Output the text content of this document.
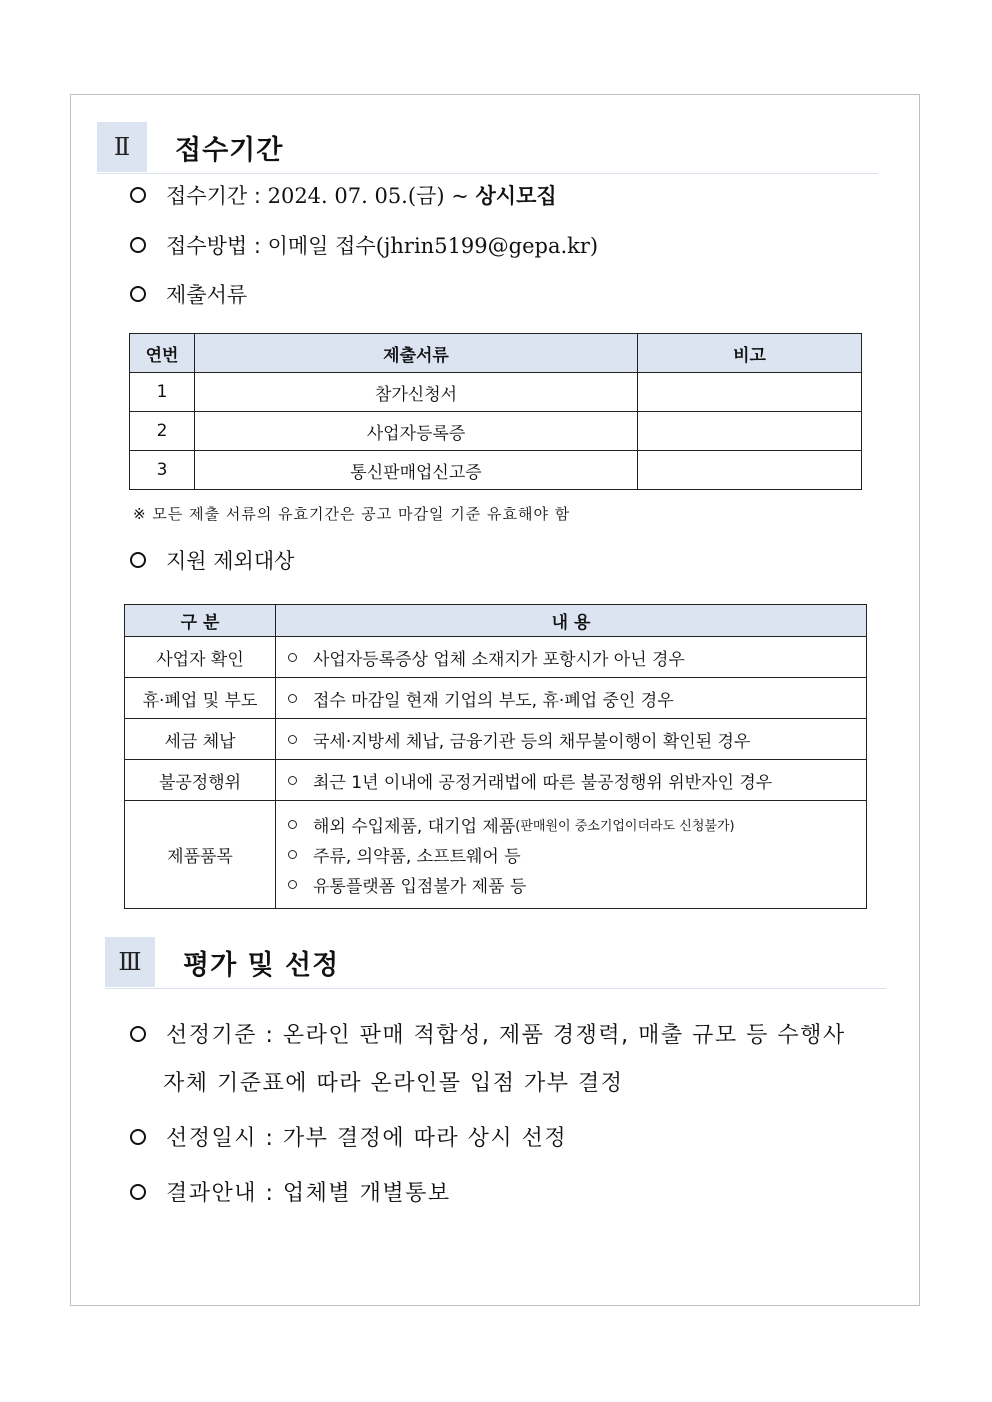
Ⅱ	접수기간
접수기간 :
2024. 07. 05.(금) ~
상시모집
접수방법 :
이메일 접수(jhrin5199@gepa.kr)
제출서류
연번	제출서류	비고
1	참가신청서	
2	사업자등록증	
3	통신판매업신고증	
※ 모든 제출 서류의 유효기간은 공고 마감일 기준 유효해야 함
지원 제외대상
구 분	내 용
사업자 확인	사업자등록증상 업체 소재지가 포항시가 아닌 경우

휴·폐업 및 부도	접수 마감일 현재 기업의 부도, 휴·폐업 중인 경우

세금 체납	국세·지방세 체납, 금융기관 등의 채무불이행이 확인된 경우

불공정행위	최근 1년 이내에 공정거래법에 따른 불공정행위 위반자인 경우

제품품목	해외 수입제품, 대기업 제품 (판매원이 중소기업이더라도 신청불가)
주류, 의약품, 소프트웨어 등
유통플랫폼 입점불가 제품 등
Ⅲ	평가 및 선정
선정기준 : 온라인 판매 적합성, 제품 경쟁력, 매출 규모 등 수행사
자체 기준표에 따라 온라인몰 입점 가부 결정
선정일시 : 가부 결정에 따라 상시 선정
결과안내 : 업체별 개별통보
